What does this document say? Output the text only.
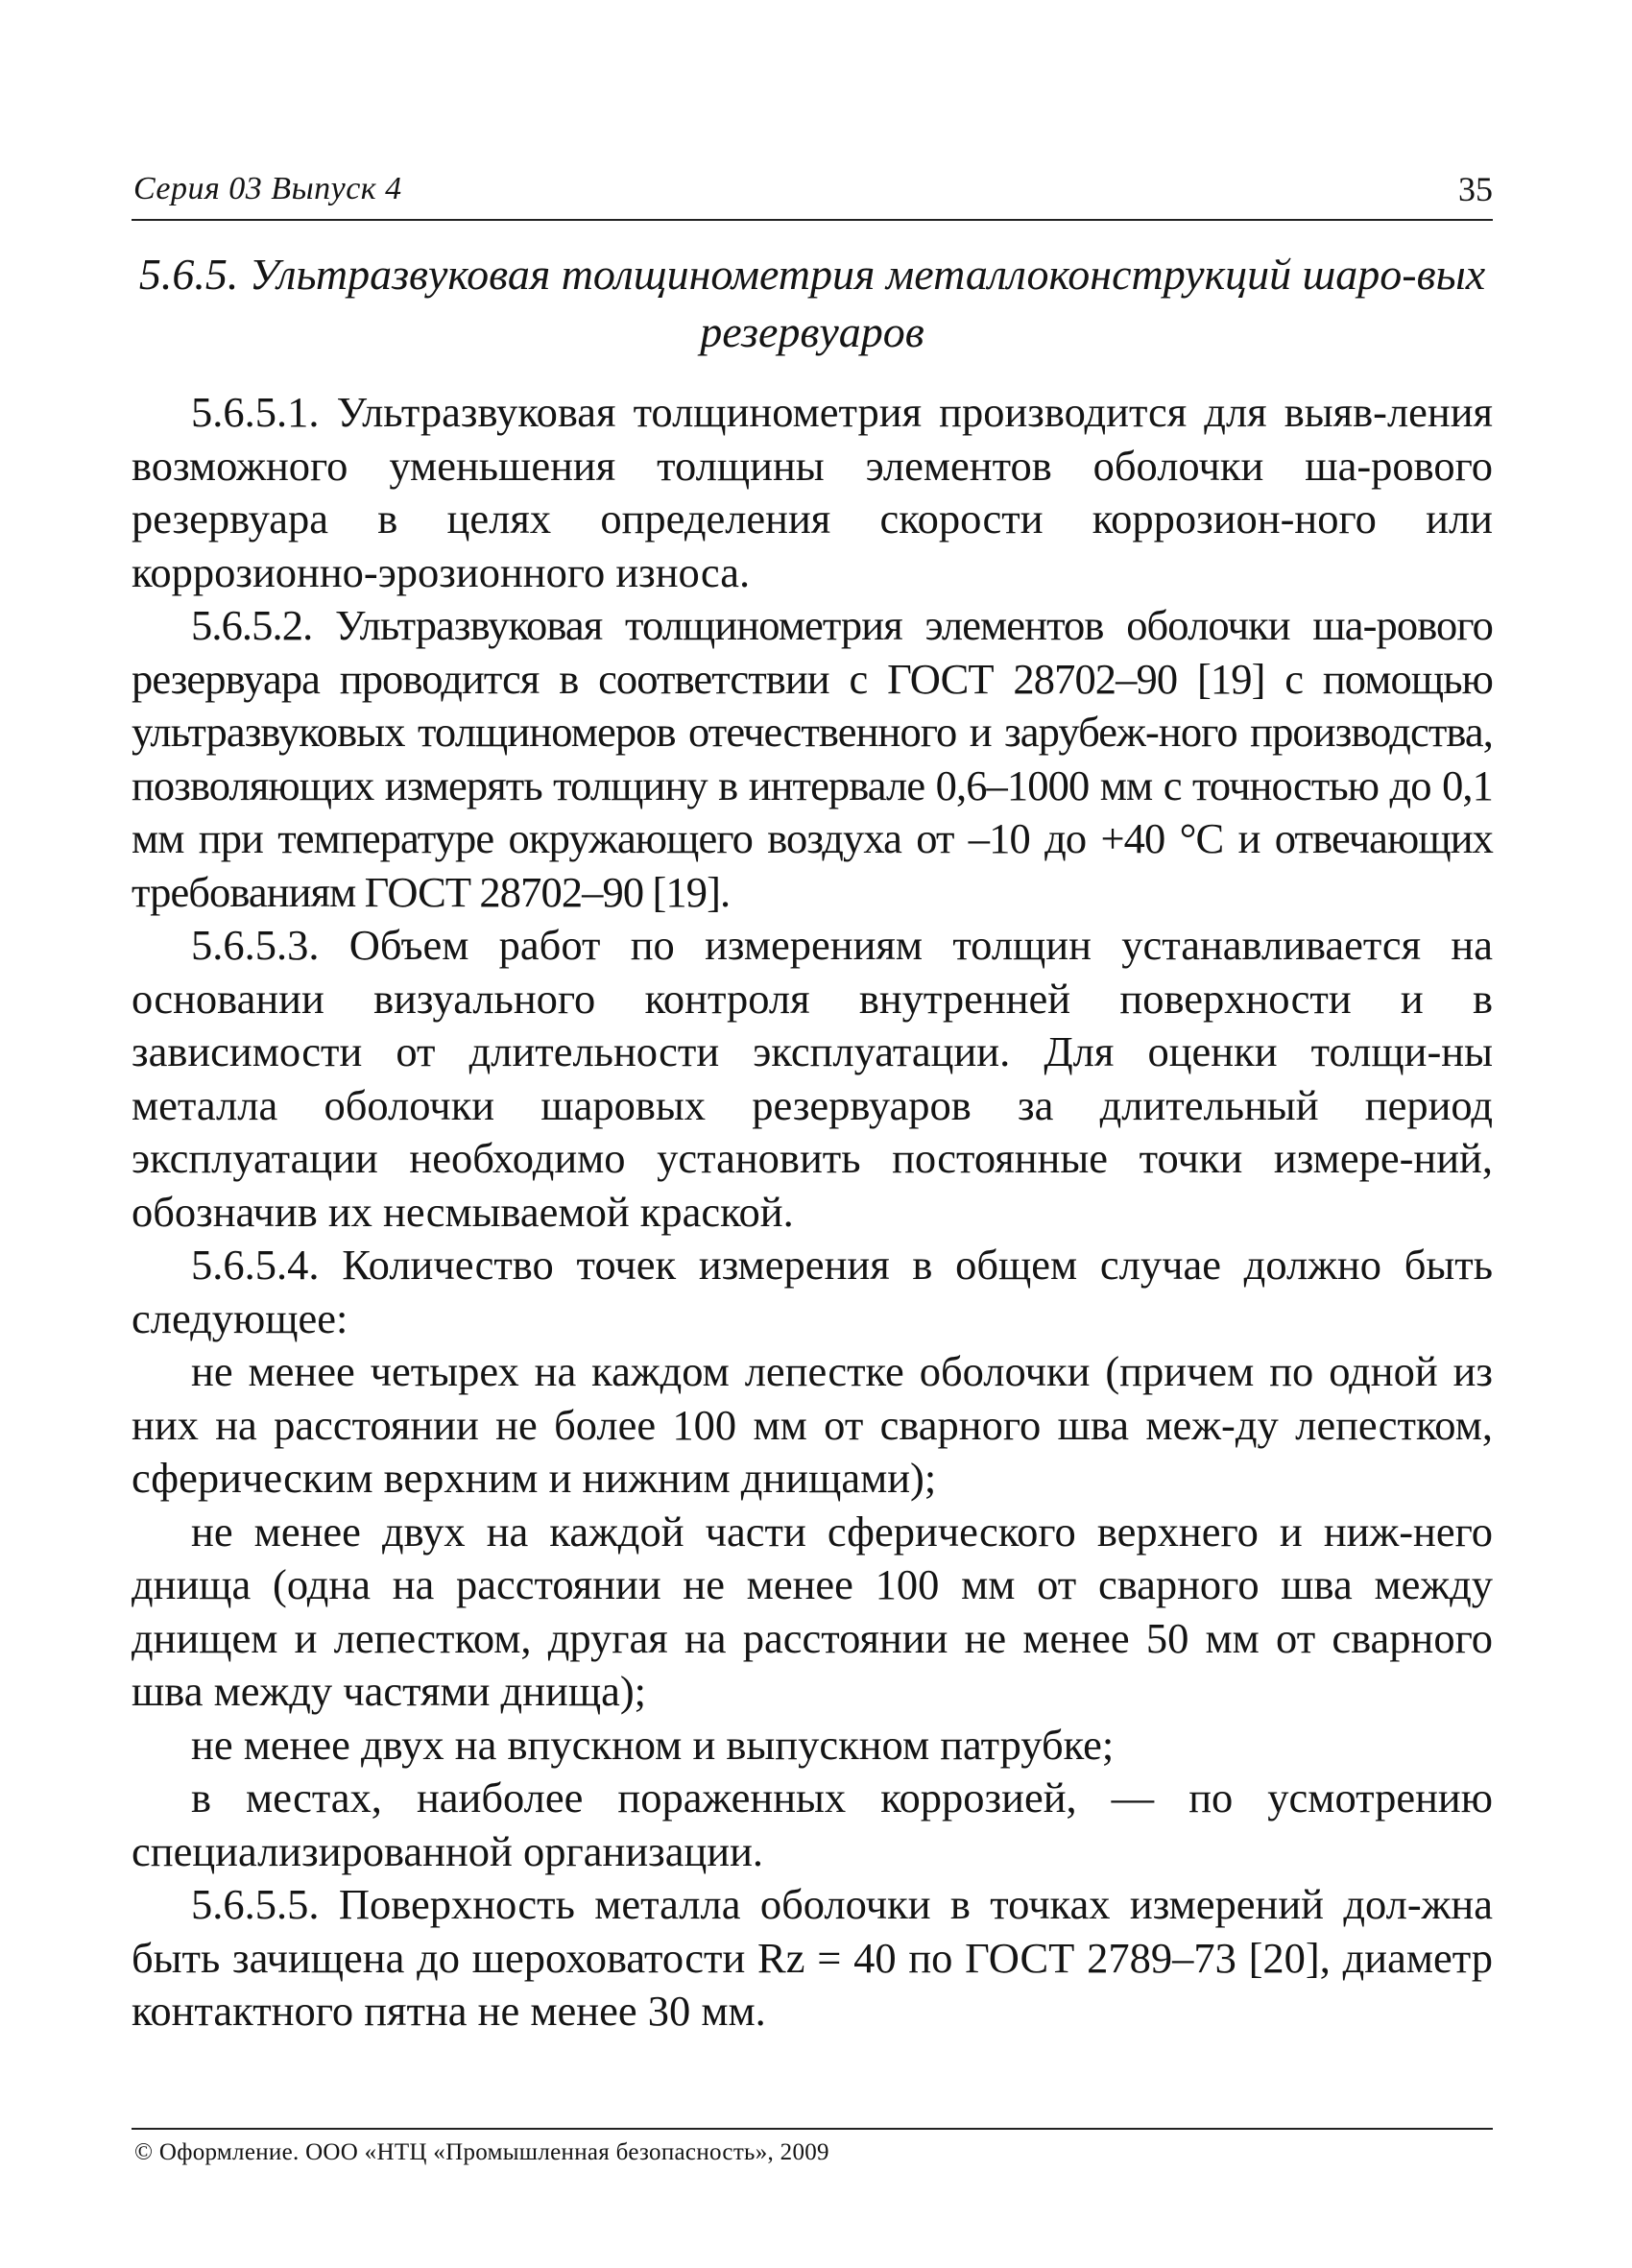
Серия 03 Выпуск 4	35
5.6.5. Ультразвуковая толщинометрия металлоконструкций шаро-вых резервуаров

5.6.5.1. Ультразвуковая толщинометрия производится для выяв-ления возможного уменьшения толщины элементов оболочки ша-рового резервуара в целях определения скорости коррозион-ного или коррозионно-эрозионного износа.

5.6.5.2. Ультразвуковая толщинометрия элементов оболочки ша-рового резервуара проводится в соответствии с ГОСТ 28702–90 [19] с помощью ультразвуковых толщиномеров отечественного и зарубеж-ного производства, позволяющих измерять толщину в интервале 0,6–1000 мм с точностью до 0,1 мм при температуре окружающего воздуха от –10 до +40 °С и отвечающих требованиям ГОСТ 28702–90 [19].

5.6.5.3. Объем работ по измерениям толщин устанавливается на основании визуального контроля внутренней поверхности и в зависимости от длительности эксплуатации. Для оценки толщи-ны металла оболочки шаровых резервуаров за длительный период эксплуатации необходимо установить постоянные точки измере-ний, обозначив их несмываемой краской.

5.6.5.4. Количество точек измерения в общем случае должно быть следующее:

не менее четырех на каждом лепестке оболочки (причем по одной из них на расстоянии не более 100 мм от сварного шва меж-ду лепестком, сферическим верхним и нижним днищами);

не менее двух на каждой части сферического верхнего и ниж-него днища (одна на расстоянии не менее 100 мм от сварного шва между днищем и лепестком, другая на расстоянии не менее 50 мм от сварного шва между частями днища);

не менее двух на впускном и выпускном патрубке;

в местах, наиболее пораженных коррозией, — по усмотрению специализированной организации.

5.6.5.5. Поверхность металла оболочки в точках измерений дол-жна быть зачищена до шероховатости Rz = 40 по ГОСТ 2789–73 [20], диаметр контактного пятна не менее 30 мм.

© Оформление. ООО «НТЦ «Промышленная безопасность», 2009
